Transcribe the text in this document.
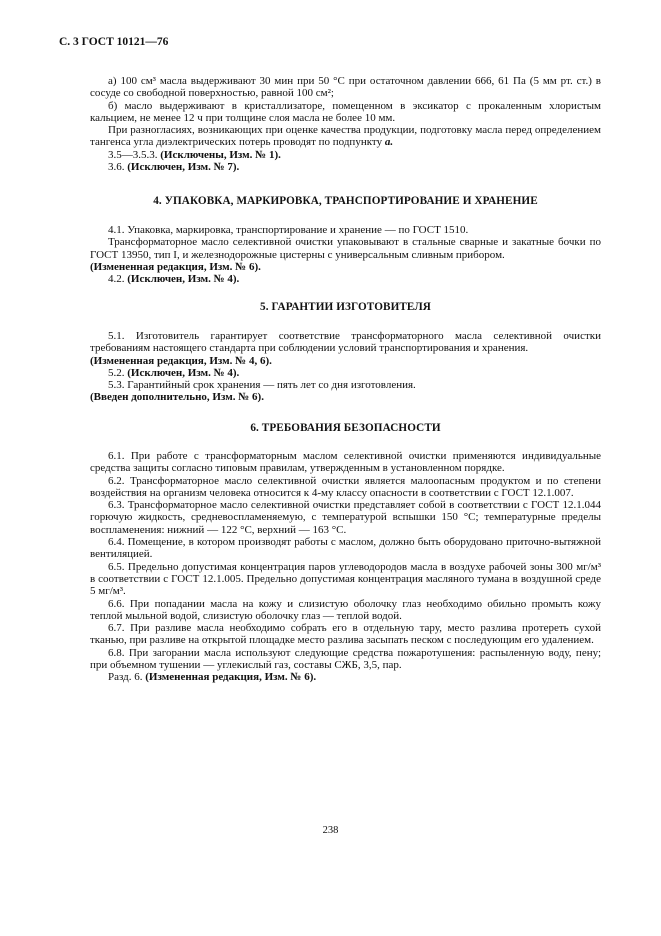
С. 3 ГОСТ 10121—76

а) 100 см³ масла выдерживают 30 мин при 50 °С при остаточном давлении 666, 61 Па (5 мм рт. ст.) в сосуде со свободной поверхностью, равной 100 см²;

б) масло выдерживают в кристаллизаторе, помещенном в эксикатор с прокаленным хлористым кальцием, не менее 12 ч при толщине слоя масла не более 10 мм.

При разногласиях, возникающих при оценке качества продукции, подготовку масла перед определением тангенса угла диэлектрических потерь проводят по подпункту а.

3.5—3.5.3. (Исключены, Изм. № 1).

3.6. (Исключен, Изм. № 7).

4. УПАКОВКА, МАРКИРОВКА, ТРАНСПОРТИРОВАНИЕ И ХРАНЕНИЕ

4.1. Упаковка, маркировка, транспортирование и хранение — по ГОСТ 1510.

Трансформаторное масло селективной очистки упаковывают в стальные сварные и закатные бочки по ГОСТ 13950, тип I, и железнодорожные цистерны с универсальным сливным прибором.

(Измененная редакция, Изм. № 6).

4.2. (Исключен, Изм. № 4).

5. ГАРАНТИИ ИЗГОТОВИТЕЛЯ

5.1. Изготовитель гарантирует соответствие трансформаторного масла селективной очистки требованиям настоящего стандарта при соблюдении условий транспортирования и хранения.

(Измененная редакция, Изм. № 4, 6).

5.2. (Исключен, Изм. № 4).

5.3. Гарантийный срок хранения — пять лет со дня изготовления.

(Введен дополнительно, Изм. № 6).

6. ТРЕБОВАНИЯ БЕЗОПАСНОСТИ

6.1. При работе с трансформаторным маслом селективной очистки применяются индивидуальные средства защиты согласно типовым правилам, утвержденным в установленном порядке.

6.2. Трансформаторное масло селективной очистки является малоопасным продуктом и по степени воздействия на организм человека относится к 4-му классу опасности в соответствии с ГОСТ 12.1.007.

6.3. Трансформаторное масло селективной очистки представляет собой в соответствии с ГОСТ 12.1.044 горючую жидкость, средневоспламеняемую, с температурой вспышки 150 °С; температурные пределы воспламенения: нижний — 122 °С, верхний — 163 °С.

6.4. Помещение, в котором производят работы с маслом, должно быть оборудовано приточно-вытяжной вентиляцией.

6.5. Предельно допустимая концентрация паров углеводородов масла в воздухе рабочей зоны 300 мг/м³ в соответствии с ГОСТ 12.1.005. Предельно допустимая концентрация масляного тумана в воздушной среде 5 мг/м³.

6.6. При попадании масла на кожу и слизистую оболочку глаз необходимо обильно промыть кожу теплой мыльной водой, слизистую оболочку глаз — теплой водой.

6.7. При разливе масла необходимо собрать его в отдельную тару, место разлива протереть сухой тканью, при разливе на открытой площадке место разлива засыпать песком с последующим его удалением.

6.8. При загорании масла используют следующие средства пожаротушения: распыленную воду, пену; при объемном тушении — углекислый газ, составы СЖБ, 3,5, пар.

Разд. 6. (Измененная редакция, Изм. № 6).

238
